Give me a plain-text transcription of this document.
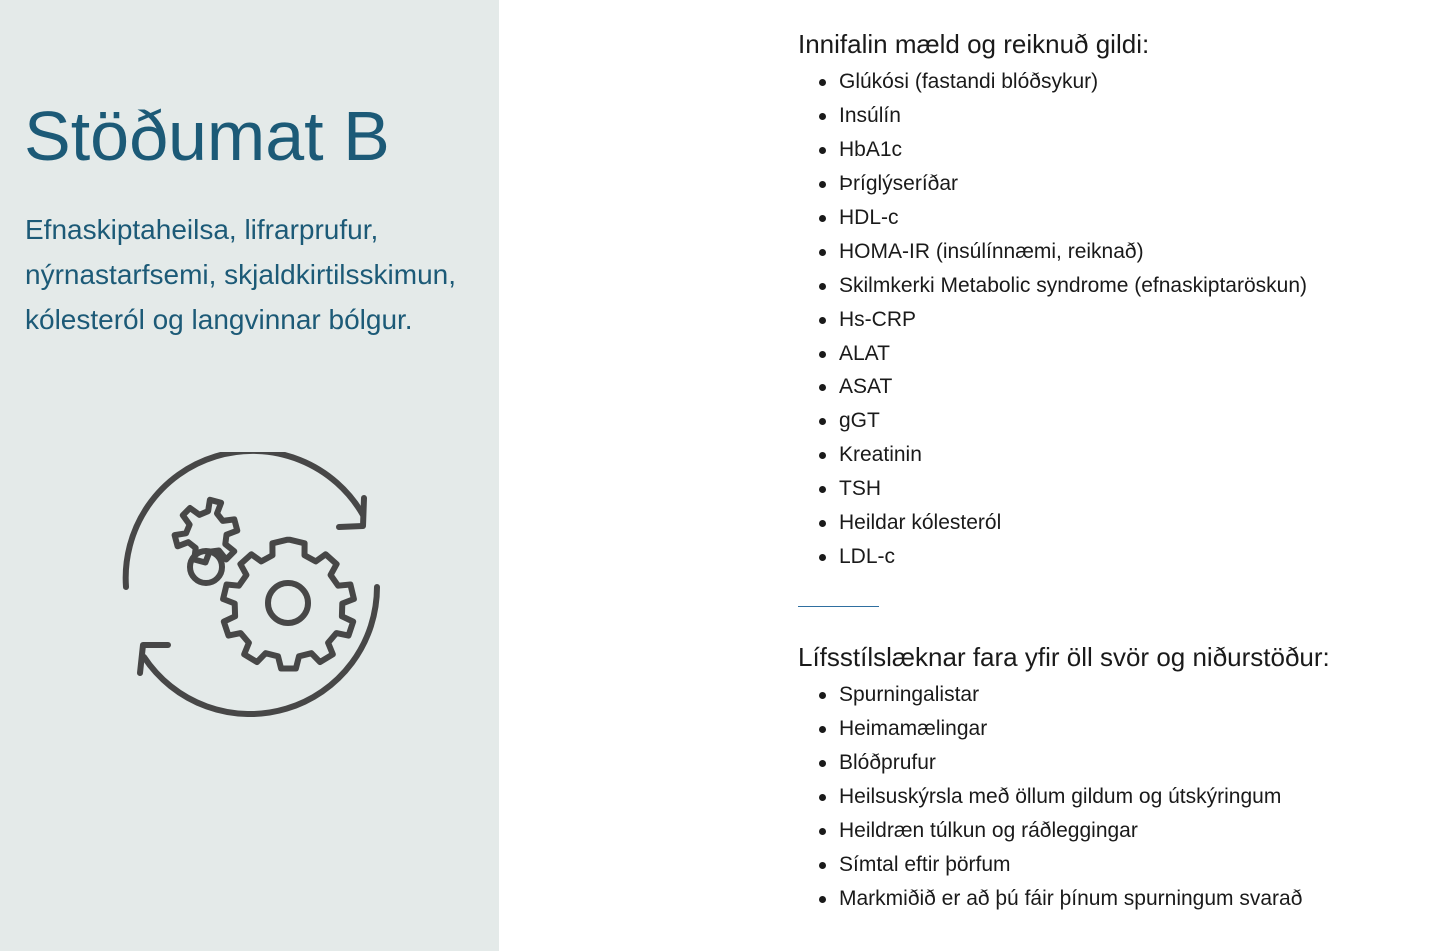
Stöðumat B

Efnaskiptaheilsa, lifrarprufur, nýrnastarfsemi, skjaldkirtilsskimun, kólesteról og langvinnar bólgur.

Innifalin mæld og reiknuð gildi:
Glúkósi (fastandi blóðsykur)
Insúlín
HbA1c
Þríglýseríðar
HDL-c
HOMA-IR (insúlínnæmi, reiknað)
Skilmkerki Metabolic syndrome (efnaskiptaröskun)
Hs-CRP
ALAT
ASAT
gGT
Kreatinin
TSH
Heildar kólesteról
LDL-c
Lífsstílslæknar fara yfir öll svör og niðurstöður:
Spurningalistar
Heimamælingar
Blóðprufur
Heilsuskýrsla með öllum gildum og útskýringum
Heildræn túlkun og ráðleggingar
Símtal eftir þörfum
Markmiðið er að þú fáir þínum spurningum svarað
